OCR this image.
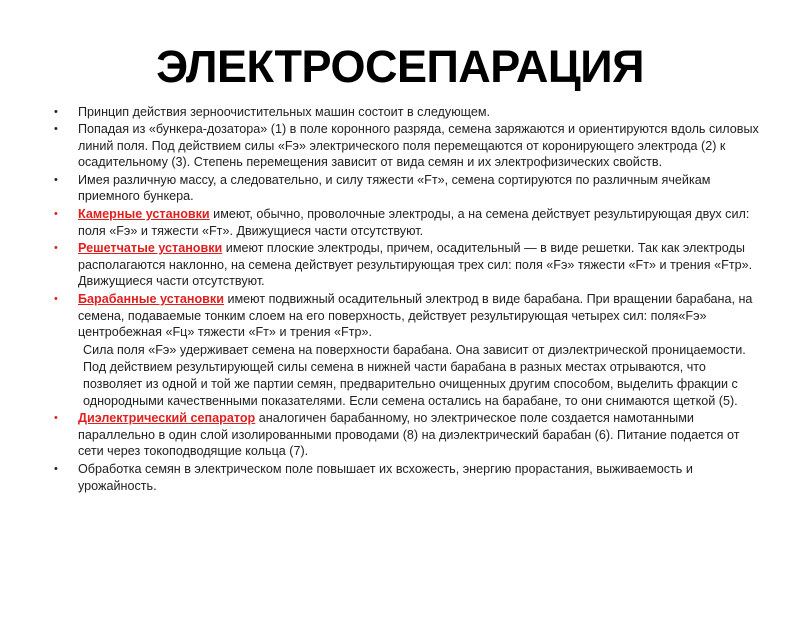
ЭЛЕКТРОСЕПАРАЦИЯ
•	Принцип действия зерноочистительных машин состоит в следующем.
•	Попадая из «бункера-дозатора» (1) в поле коронного разряда, семена заряжаются и ориентируются вдоль силовых линий поля. Под действием силы «Fэ» электрического поля перемещаются от коронирующего электрода (2) к осадительному (3). Степень перемещения зависит от вида семян и их электрофизических свойств.
•	Имея различную массу, а следовательно, и силу тяжести «Fт», семена сортируются по различным ячейкам приемного бункера.
•	Камерные установки имеют, обычно, проволочные электроды, а на семена действует результирующая двух сил: поля «Fэ» и тяжести «Fт». Движущиеся части отсутствуют.
•	Решетчатые установки имеют плоские электроды, причем, осадительный — в виде решетки. Так как электроды располагаются наклонно, на семена действует результирующая трех сил: поля «Fэ» тяжести «Fт» и трения «Fтр». Движущиеся части отсутствуют.
•	Барабанные установки имеют подвижный осадительный электрод в виде барабана. При вращении барабана, на семена, подаваемые тонким слоем на его поверхность, действует результирующая четырех сил: поля«Fэ» центробежная «Fц» тяжести «Fт» и трения «Fтр».
Сила поля «Fэ» удерживает семена на поверхности барабана. Она зависит от диэлектрической проницаемости.
Под действием результирующей силы семена в нижней части барабана в разных местах отрываются, что позволяет из одной и той же партии семян, предварительно очищенных другим способом, выделить фракции с однородными качественными показателями. Если семена остались на барабане, то они снимаются щеткой (5).
•	Диэлектрический сепаратор аналогичен барабанному, но электрическое поле создается намотанными параллельно в один слой изолированными проводами (8) на диэлектрический барабан (6). Питание подается от сети через токоподводящие кольца (7).
•	Обработка семян в электрическом поле повышает их всхожесть, энергию прорастания, выживаемость и урожайность.
